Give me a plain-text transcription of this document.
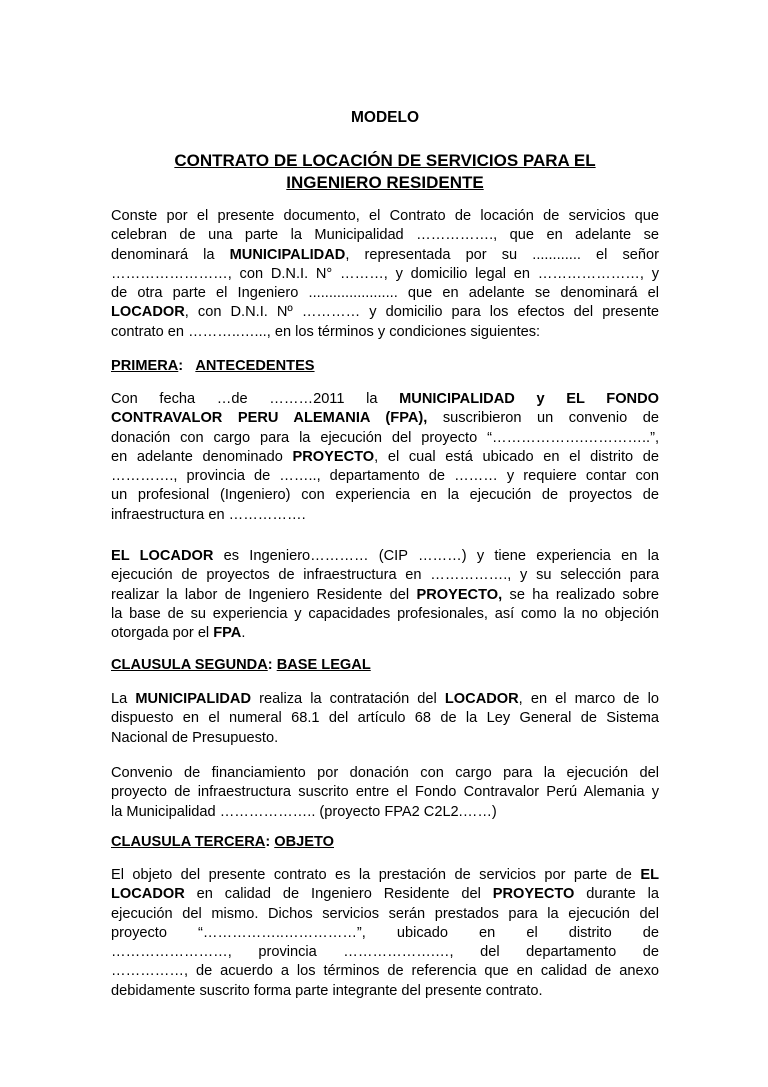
MODELO
CONTRATO DE LOCACIÓN DE SERVICIOS PARA EL
INGENIERO RESIDENTE
Conste por el presente documento, el Contrato de locación de servicios que
celebran de una parte la Municipalidad ……………., que en adelante se
denominará la MUNICIPALIDAD, representada por su ............ el señor
……………………, con D.N.I. N° ………, y domicilio legal en …………………, y
de otra parte el Ingeniero ...................... que en adelante se denominará el
LOCADOR, con D.N.I. Nº ………… y domicilio para los efectos del presente
contrato en ………..…..., en los términos y condiciones siguientes:
PRIMERA: ANTECEDENTES
Con fecha …de ………2011 la MUNICIPALIDAD y EL FONDO
CONTRAVALOR PERU ALEMANIA (FPA), suscribieron un convenio de
donación con cargo para la ejecución del proyecto “……………….…………..”,
en adelante denominado PROYECTO, el cual está ubicado en el distrito de
…………., provincia de …….., departamento de ……… y requiere contar con
un profesional (Ingeniero) con experiencia en la ejecución de proyectos de
infraestructura en …………….
EL LOCADOR es Ingeniero………… (CIP ………) y tiene experiencia en la
ejecución de proyectos de infraestructura en ……………., y su selección para
realizar la labor de Ingeniero Residente del PROYECTO, se ha realizado sobre
la base de su experiencia y capacidades profesionales, así como la no objeción
otorgada por el FPA.
CLAUSULA SEGUNDA: BASE LEGAL
La MUNICIPALIDAD realiza la contratación del LOCADOR, en el marco de lo
dispuesto en el numeral 68.1 del artículo 68 de la Ley General de Sistema
Nacional de Presupuesto.
Convenio de financiamiento por donación con cargo para la ejecución del
proyecto de infraestructura suscrito entre el Fondo Contravalor Perú Alemania y
la Municipalidad ……………….. (proyecto FPA2 C2L2.……)
CLAUSULA TERCERA: OBJETO
El objeto del presente contrato es la prestación de servicios por parte de EL
LOCADOR en calidad de Ingeniero Residente del PROYECTO durante la
ejecución del mismo. Dichos servicios serán prestados para la ejecución del
proyecto “……………..……………”, ubicado en el distrito de
……………………, provincia ……………….…, del departamento de
……………, de acuerdo a los términos de referencia que en calidad de anexo
debidamente suscrito forma parte integrante del presente contrato.
